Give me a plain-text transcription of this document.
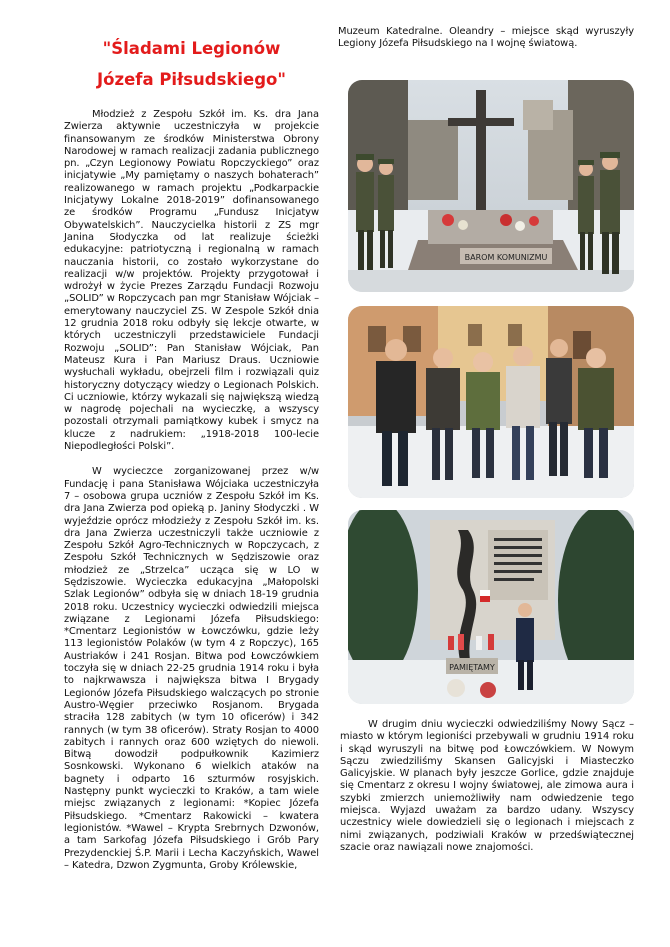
"Śladami Legionów
Józefa Piłsudskiego"

Młodzież z Zespołu Szkół im. Ks. dra Jana Zwierza aktywnie uczestniczyła w projekcie finansowanym ze środków Ministerstwa Obrony Narodowej w ramach realizacji zadania publicznego pn. „Czyn Legionowy Powiatu Ropczyckiego” oraz inicjatywie „My pamiętamy o naszych bohaterach” realizowanego w ramach projektu „Podkarpackie Inicjatywy Lokalne 2018-2019” dofinansowanego ze środków Programu „Fundusz Inicjatyw Obywatelskich”. Nauczycielka historii z ZS mgr Janina Słodyczka od lat realizuje ścieżki edukacyjne: patriotyczną i regionalną w ramach nauczania historii, co zostało wykorzystane do realizacji w/w projektów. Projekty przygotował i wdrożył w życie Prezes Zarządu Fundacji Rozwoju „SOLID” w Ropczycach pan mgr Stanisław Wójciak – emerytowany nauczyciel ZS. W Zespole Szkół dnia 12 grudnia 2018 roku odbyły się lekcje otwarte, w których uczestniczyli przedstawiciele Fundacji Rozwoju „SOLID”: Pan Stanisław Wójciak, Pan Mateusz Kura i Pan Mariusz Draus. Uczniowie wysłuchali wykładu, obejrzeli film i rozwiązali quiz historyczny dotyczący wiedzy o Legionach Polskich. Ci uczniowie, którzy wykazali się największą wiedzą w nagrodę pojechali na wycieczkę, a wszyscy pozostali otrzymali pamiątkowy kubek i smycz na klucze z nadrukiem: „1918-2018 100-lecie Niepodległości Polski”.

W wycieczce zorganizowanej przez w/w Fundację i pana Stanisława Wójciaka uczestniczyła 7 – osobowa grupa uczniów z Zespołu Szkół im Ks. dra Jana Zwierza pod opieką p. Janiny Słodyczki . W wyjeździe oprócz młodzieży z Zespołu Szkół im. ks. dra Jana Zwierza uczestniczyli także uczniowie z Zespołu Szkół Agro-Technicznych w Ropczycach, z Zespołu Szkół Technicznych w Sędziszowie oraz młodzież ze „Strzelca” ucząca się w LO w Sędziszowie. Wycieczka edukacyjna „Małopolski Szlak Legionów” odbyła się w dniach 18-19 grudnia 2018 roku. Uczestnicy wycieczki odwiedzili miejsca związane z Legionami Józefa Piłsudskiego: *Cmentarz Legionistów w Łowczówku, gdzie leży 113 legionistów Polaków (w tym 4 z Ropczyc), 165 Austriaków i 241 Rosjan. Bitwa pod Łowczówkiem toczyła się w dniach 22-25 grudnia 1914 roku i była to najkrwawsza i największa bitwa I Brygady Legionów Józefa Piłsudskiego walczących po stronie Austro-Węgier przeciwko Rosjanom. Brygada straciła 128 zabitych (w tym 10 oficerów) i 342 rannych (w tym 38 oficerów). Straty Rosjan to 4000 zabitych i rannych oraz 600 wziętych do niewoli. Bitwą dowodził podpułkownik Kazimierz Sosnkowski. Wykonano 6 wielkich ataków na bagnety i odparto 16 szturmów rosyjskich. Następny punkt wycieczki to Kraków, a tam wiele miejsc związanych z legionami: *Kopiec Józefa Piłsudskiego. *Cmentarz Rakowicki – kwatera legionistów. *Wawel – Krypta Srebrnych Dzwonów, a tam Sarkofag Józefa Piłsudskiego i Grób Pary Prezydenckiej Ś.P. Marii i Lecha Kaczyńskich, Wawel – Katedra, Dzwon Zygmunta, Groby Królewskie,

Muzeum Katedralne. Oleandry – miejsce skąd wyruszyły Legiony Józefa Piłsudskiego na I wojnę światową.

BAROM KOMUNIZMU
PAMIĘTAMY

W drugim dniu wycieczki odwiedziliśmy Nowy Sącz – miasto w którym legioniści przebywali w grudniu 1914 roku i skąd wyruszyli na bitwę pod Łowczówkiem. W Nowym Sączu zwiedziliśmy Skansen Galicyjski i Miasteczko Galicyjskie. W planach były jeszcze Gorlice, gdzie znajduje się Cmentarz z okresu I wojny światowej, ale zimowa aura i szybki zmierzch uniemożliwiły nam odwiedzenie tego miejsca. Wyjazd uważam za bardzo udany. Wszyscy uczestnicy wiele dowiedzieli się o legionach i miejscach z nimi związanych, podziwiali Kraków w przedświątecznej szacie oraz nawiązali nowe znajomości.
